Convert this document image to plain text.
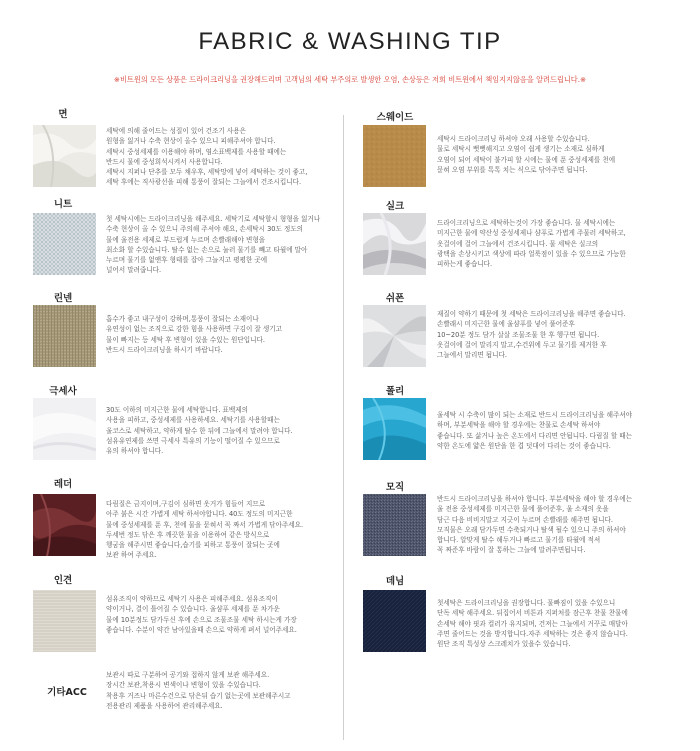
FABRIC & WASHING TIP
※비트윈의 모든 상품은 드라이크리닝을 권장해드리며 고객님의 세탁 부주의로 발생한 오염, 손상등은 저희 비트윈에서 책임지지않음을 알려드립니다.※
면
세탁에 의해 줄어드는 성질이 있어 건조기 사용은
원형을 잃거나 수축 현상이 올수 있으니 피해주셔야 합니다.
세탁시 중성세제를 이용해야 하며, 염소표백제를 사용할 때에는
반드시 물에 중성희석시켜서 사용합니다.
세탁시 지퍼나 단추를 모두 채우후, 세탁망에 넣어 세탁하는 것이 좋고,
세탁 후에는 직사광선을 피해 통풍이 잘되는 그늘에서 건조시킵니다.
니트
첫 세탁시에는 드라이크리닝을 해주세요. 세탁기로 세탁할시 형형을 잃거나
수축 현상이 올 수 있으니 주의해 주셔야 해요, 손세탁시 30도 정도의
물에 울전용 세제로 부드럽게 누르며 손빨래해야 변형을
최소화 할 수있습니다. 탈수 없는 손으로 눌러 물기를 빼고 타월에 말아
누르며 물기를 없앤후 형태를 잡아 그늘지고 평평한 곳에
널어서 말려줍니다.
린넨
흡수가 좋고 내구성이 강하며,통풍이 잘되는 소재이나
유연성이 없는 조직으로 강한 힘을 사용하면 구김이 잘 생기고
물이 빠지는 등 세탁 후 변형이 있을 수있는 원단입니다.
반드시 드라이크리닝을 하시기 바랍니다.
극세사
30도 이하의 미지근한 물에 세탁합니다. 표백제의
사용을 피하고, 중성세제를 사용하세요. 세탁기를 사용할때는
울코스로 세탁하고, 약하게 탈수 한 뒤에 그늘에서 말려야 합니다.
섬유유연제를 쓰면 극세사 특유의 기능이 떨어질 수 있으므로
유의 하셔야 합니다.
레더
다림질은 금지이며,구김이 심하면 옷거가 힘들어 지므로
아주 붉은 시간 가볍게 세탁 하셔야합니다. 40도 정도의 미지근한
물에 중성세제를 푼 후, 천에 물을 묻혀서 꼭 짜서 가볍게 닦아주세요.
두세번 정도 닦은 후 깨끗한 물을 이용하여 같은 방식으로
헹굼을 해주시면 좋습니다,습기를 피하고 통풍이 잘되는 곳에
보관 하여 주세요.
인견
섬유조직이 약하므로 세탁기 사용은 피해주세요. 섬유조직이
약이거나, 결이 틀어질 수 있습니다. 울샴푸 세제를 푼 차가운
물에 10분정도 담가두신 후에 손으로 조물조물 세탁 하시는게 가장
좋습니다. 수분이 약간 남아있을때 손으로 약하게 펴서 널어주세요.
기타ACC
보관시 따로 구분하여 공기와 접하지 않게 보관 해주세요.
장시간 보관,착용시 변색이나 변형이 있을 수있습니다.
착용후 거즈나 마른수건으로 닦은뒤 습기 없는곳에 보관해주시고
전용관리 제품을 사용하여 관리해주세요.
스웨이드
세탁시 드라이크리닝 하셔야 오래 사용할 수있습니다.
물로 세탁시 뻣뻣해지고 오염이 쉽게 생기는 소재로 심하게
오염이 되어 세탁이 불가피 할 시에는 물에 푼 중성세제를 천에
묻혀 오염 부위를 톡톡 치는 식으로 닦아주면 됩니다.
실크
드라이크리닝으로 세탁하는것이 가장 좋습니다. 물 세탁시에는
미지근한 물에 약산성 중성세제나 샴푸로 가볍게 주물러 세탁하고,
옷걸이에 걸어 그늘에서 건조시킵니다. 물 세탁은 실크의
광택을 손상시키고 색상에 따라 얼룩점이 있을 수 있으므로 가능한
피하는게 좋습니다.
쉬폰
재질이 약하기 때문에 첫 세탁은 드라이크리닝을 해주면 좋습니다.
손빨래시 미지근한 물에 울샴푸를 넣어 풀어준후
10~20분 정도 담가 살살 조물조물 한 후 헹구면 됩니다.
옷걸이에 걸어 말리지 말고,수건위에 두고 물기를 제거한 후
그늘에서 말리면 됩니다.
폴리
울세탁 시 수축이 많이 되는 소재로 반드시 드라이크리닝을 해주셔야
하며, 부분세탁을 해야 할 경우에는 찬물로 손세탁 하셔야
좋습니다. 또 삶거나 높은 온도에서 다리면 안됩니다. 다림질 할 때는
약한 온도에 얇은 원단을 한 겹 덧대어 다리는 것이 좋습니다.
모직
반드시 드라이크리닝을 하셔야 합니다. 부분세탁을 해야 할 경우에는
울 전용 중성세제를 미지근한 물에 풀어준후, 울 소재의 옷을
담근 다음 비비지말고 지긋이 누르며 손빨래를 해주면 됩니다.
모직물은 오래 담가두면 수축되거나 탈색 될수 있으니 주의 하셔야
합니다. 알맞게 탈수 해두거나 빠르고 물기를 타월에 적셔
꼭 짜준후 바람이 잘 통하는 그늘에 말려주면됩니다.
데님
첫세탁은 드라이크리닝을 권장합니다. 물빠짐이 있을 수있으니
단독 세탁 해주세요. 뒤집어서 비튼과 지퍼처를 잠근후 찬물 찬물에
손세탁 해야 핏과 컬러가 유지되며, 건져는 그늘에서 거꾸로 매달아
주면 줄어드는 것을 방지합니다.자주 세탁하는 것은 좋지 않습니다.
원단 조직 특성상 스크레치가 있을수 있습니다.
